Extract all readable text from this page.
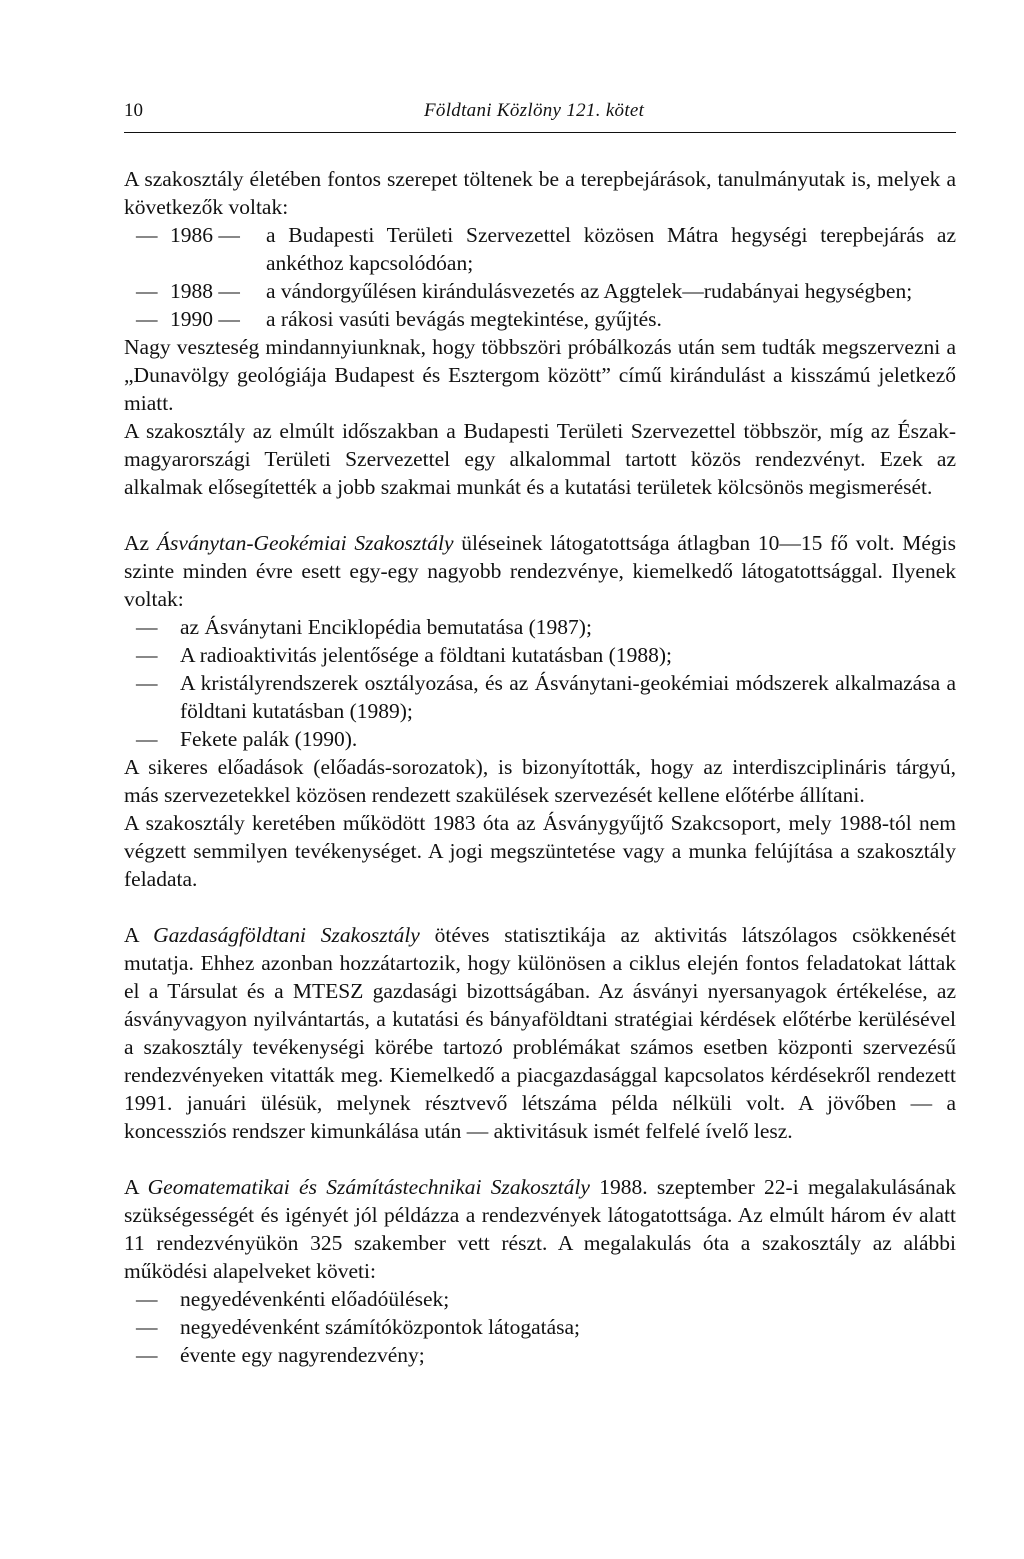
10	Földtani Közlöny 121. kötet

A szakosztály életében fontos szerepet töltenek be a terepbejárások, tanulmányutak is, melyek a következők voltak:

— 1986 —	a Budapesti Területi Szervezettel közösen Mátra hegységi terepbejárás az ankéthoz kapcsolódóan;
— 1988 —	a vándorgyűlésen kirándulásvezetés az Aggtelek—rudabányai hegységben;
— 1990 —	a rákosi vasúti bevágás megtekintése, gyűjtés.

Nagy veszteség mindannyiunknak, hogy többszöri próbálkozás után sem tudták megszervezni a „Dunavölgy geológiája Budapest és Esztergom között” című kirándulást a kisszámú jeletkező miatt.

A szakosztály az elmúlt időszakban a Budapesti Területi Szervezettel többször, míg az Észak-magyarországi Területi Szervezettel egy alkalommal tartott közös rendezvényt. Ezek az alkalmak elősegítették a jobb szakmai munkát és a kutatási területek kölcsönös megismerését.

Az Ásványtan-Geokémiai Szakosztály üléseinek látogatottsága átlagban 10—15 fő volt. Mégis szinte minden évre esett egy-egy nagyobb rendezvénye, kiemelkedő látogatottsággal. Ilyenek voltak:

—	az Ásványtani Enciklopédia bemutatása (1987);
—	A radioaktivitás jelentősége a földtani kutatásban (1988);
—	A kristályrendszerek osztályozása, és az Ásványtani-geokémiai módszerek alkalmazása a földtani kutatásban (1989);
—	Fekete palák (1990).

A sikeres előadások (előadás-sorozatok), is bizonyították, hogy az interdiszciplináris tárgyú, más szervezetekkel közösen rendezett szakülések szervezését kellene előtérbe állítani.

A szakosztály keretében működött 1983 óta az Ásványgyűjtő Szakcsoport, mely 1988-tól nem végzett semmilyen tevékenységet. A jogi megszüntetése vagy a munka felújítása a szakosztály feladata.

A Gazdaságföldtani Szakosztály ötéves statisztikája az aktivitás látszólagos csökkenését mutatja. Ehhez azonban hozzátartozik, hogy különösen a ciklus elején fontos feladatokat láttak el a Társulat és a MTESZ gazdasági bizottságában. Az ásványi nyersanyagok értékelése, az ásványvagyon nyilvántartás, a kutatási és bányaföldtani stratégiai kérdések előtérbe kerülésével a szakosztály tevékenységi körébe tartozó problémákat számos esetben központi szervezésű rendezvényeken vitatták meg. Kiemelkedő a piacgazdasággal kapcsolatos kérdésekről rendezett 1991. januári ülésük, melynek résztvevő létszáma példa nélküli volt. A jövőben — a koncessziós rendszer kimunkálása után — aktivitásuk ismét felfelé ívelő lesz.

A Geomatematikai és Számítástechnikai Szakosztály 1988. szeptember 22-i megalakulásának szükségességét és igényét jól példázza a rendezvények látogatottsága. Az elmúlt három év alatt 11 rendezvényükön 325 szakember vett részt. A megalakulás óta a szakosztály az alábbi működési alapelveket követi:

—	negyedévenkénti előadóülések;
—	negyedévenként számítóközpontok látogatása;
—	évente egy nagyrendezvény;
